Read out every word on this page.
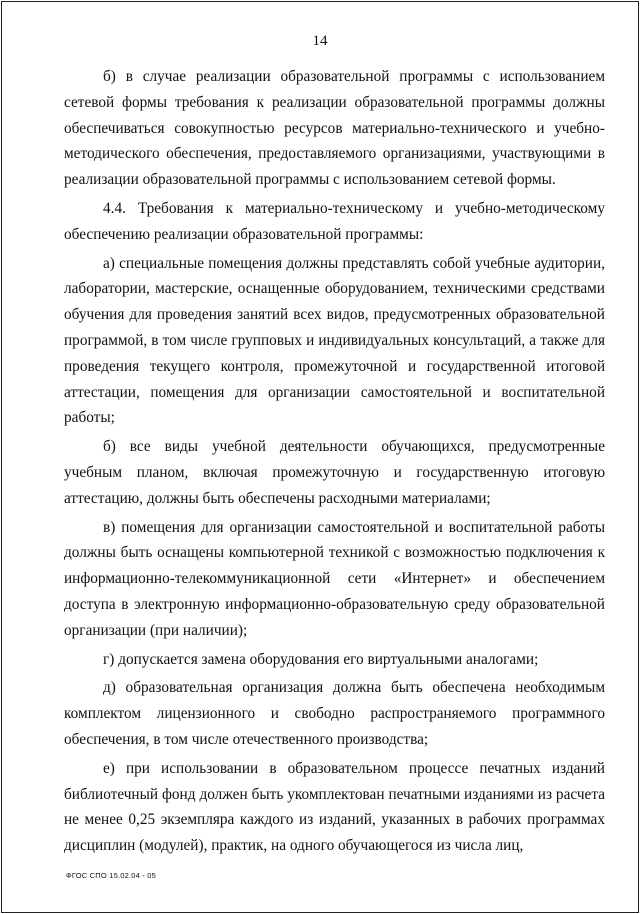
14

б) в случае реализации образовательной программы с использованием сетевой формы требования к реализации образовательной программы должны обеспечиваться совокупностью ресурсов материально-технического и учебно-методического обеспечения, предоставляемого организациями, участвующими в реализации образовательной программы с использованием сетевой формы.

4.4. Требования к материально-техническому и учебно-методическому обеспечению реализации образовательной программы:

а) специальные помещения должны представлять собой учебные аудитории, лаборатории, мастерские, оснащенные оборудованием, техническими средствами обучения для проведения занятий всех видов, предусмотренных образовательной программой, в том числе групповых и индивидуальных консультаций, а также для проведения текущего контроля, промежуточной и государственной итоговой аттестации, помещения для организации самостоятельной и воспитательной работы;

б) все виды учебной деятельности обучающихся, предусмотренные учебным планом, включая промежуточную и государственную итоговую аттестацию, должны быть обеспечены расходными материалами;

в) помещения для организации самостоятельной и воспитательной работы должны быть оснащены компьютерной техникой с возможностью подключения к информационно-телекоммуникационной сети «Интернет» и обеспечением доступа в электронную информационно-образовательную среду образовательной организации (при наличии);

г) допускается замена оборудования его виртуальными аналогами;

д) образовательная организация должна быть обеспечена необходимым комплектом лицензионного и свободно распространяемого программного обеспечения, в том числе отечественного производства;

е) при использовании в образовательном процессе печатных изданий библиотечный фонд должен быть укомплектован печатными изданиями из расчета не менее 0,25 экземпляра каждого из изданий, указанных в рабочих программах дисциплин (модулей), практик, на одного обучающегося из числа лиц,

ФГОС СПО 15.02.04 - 05
